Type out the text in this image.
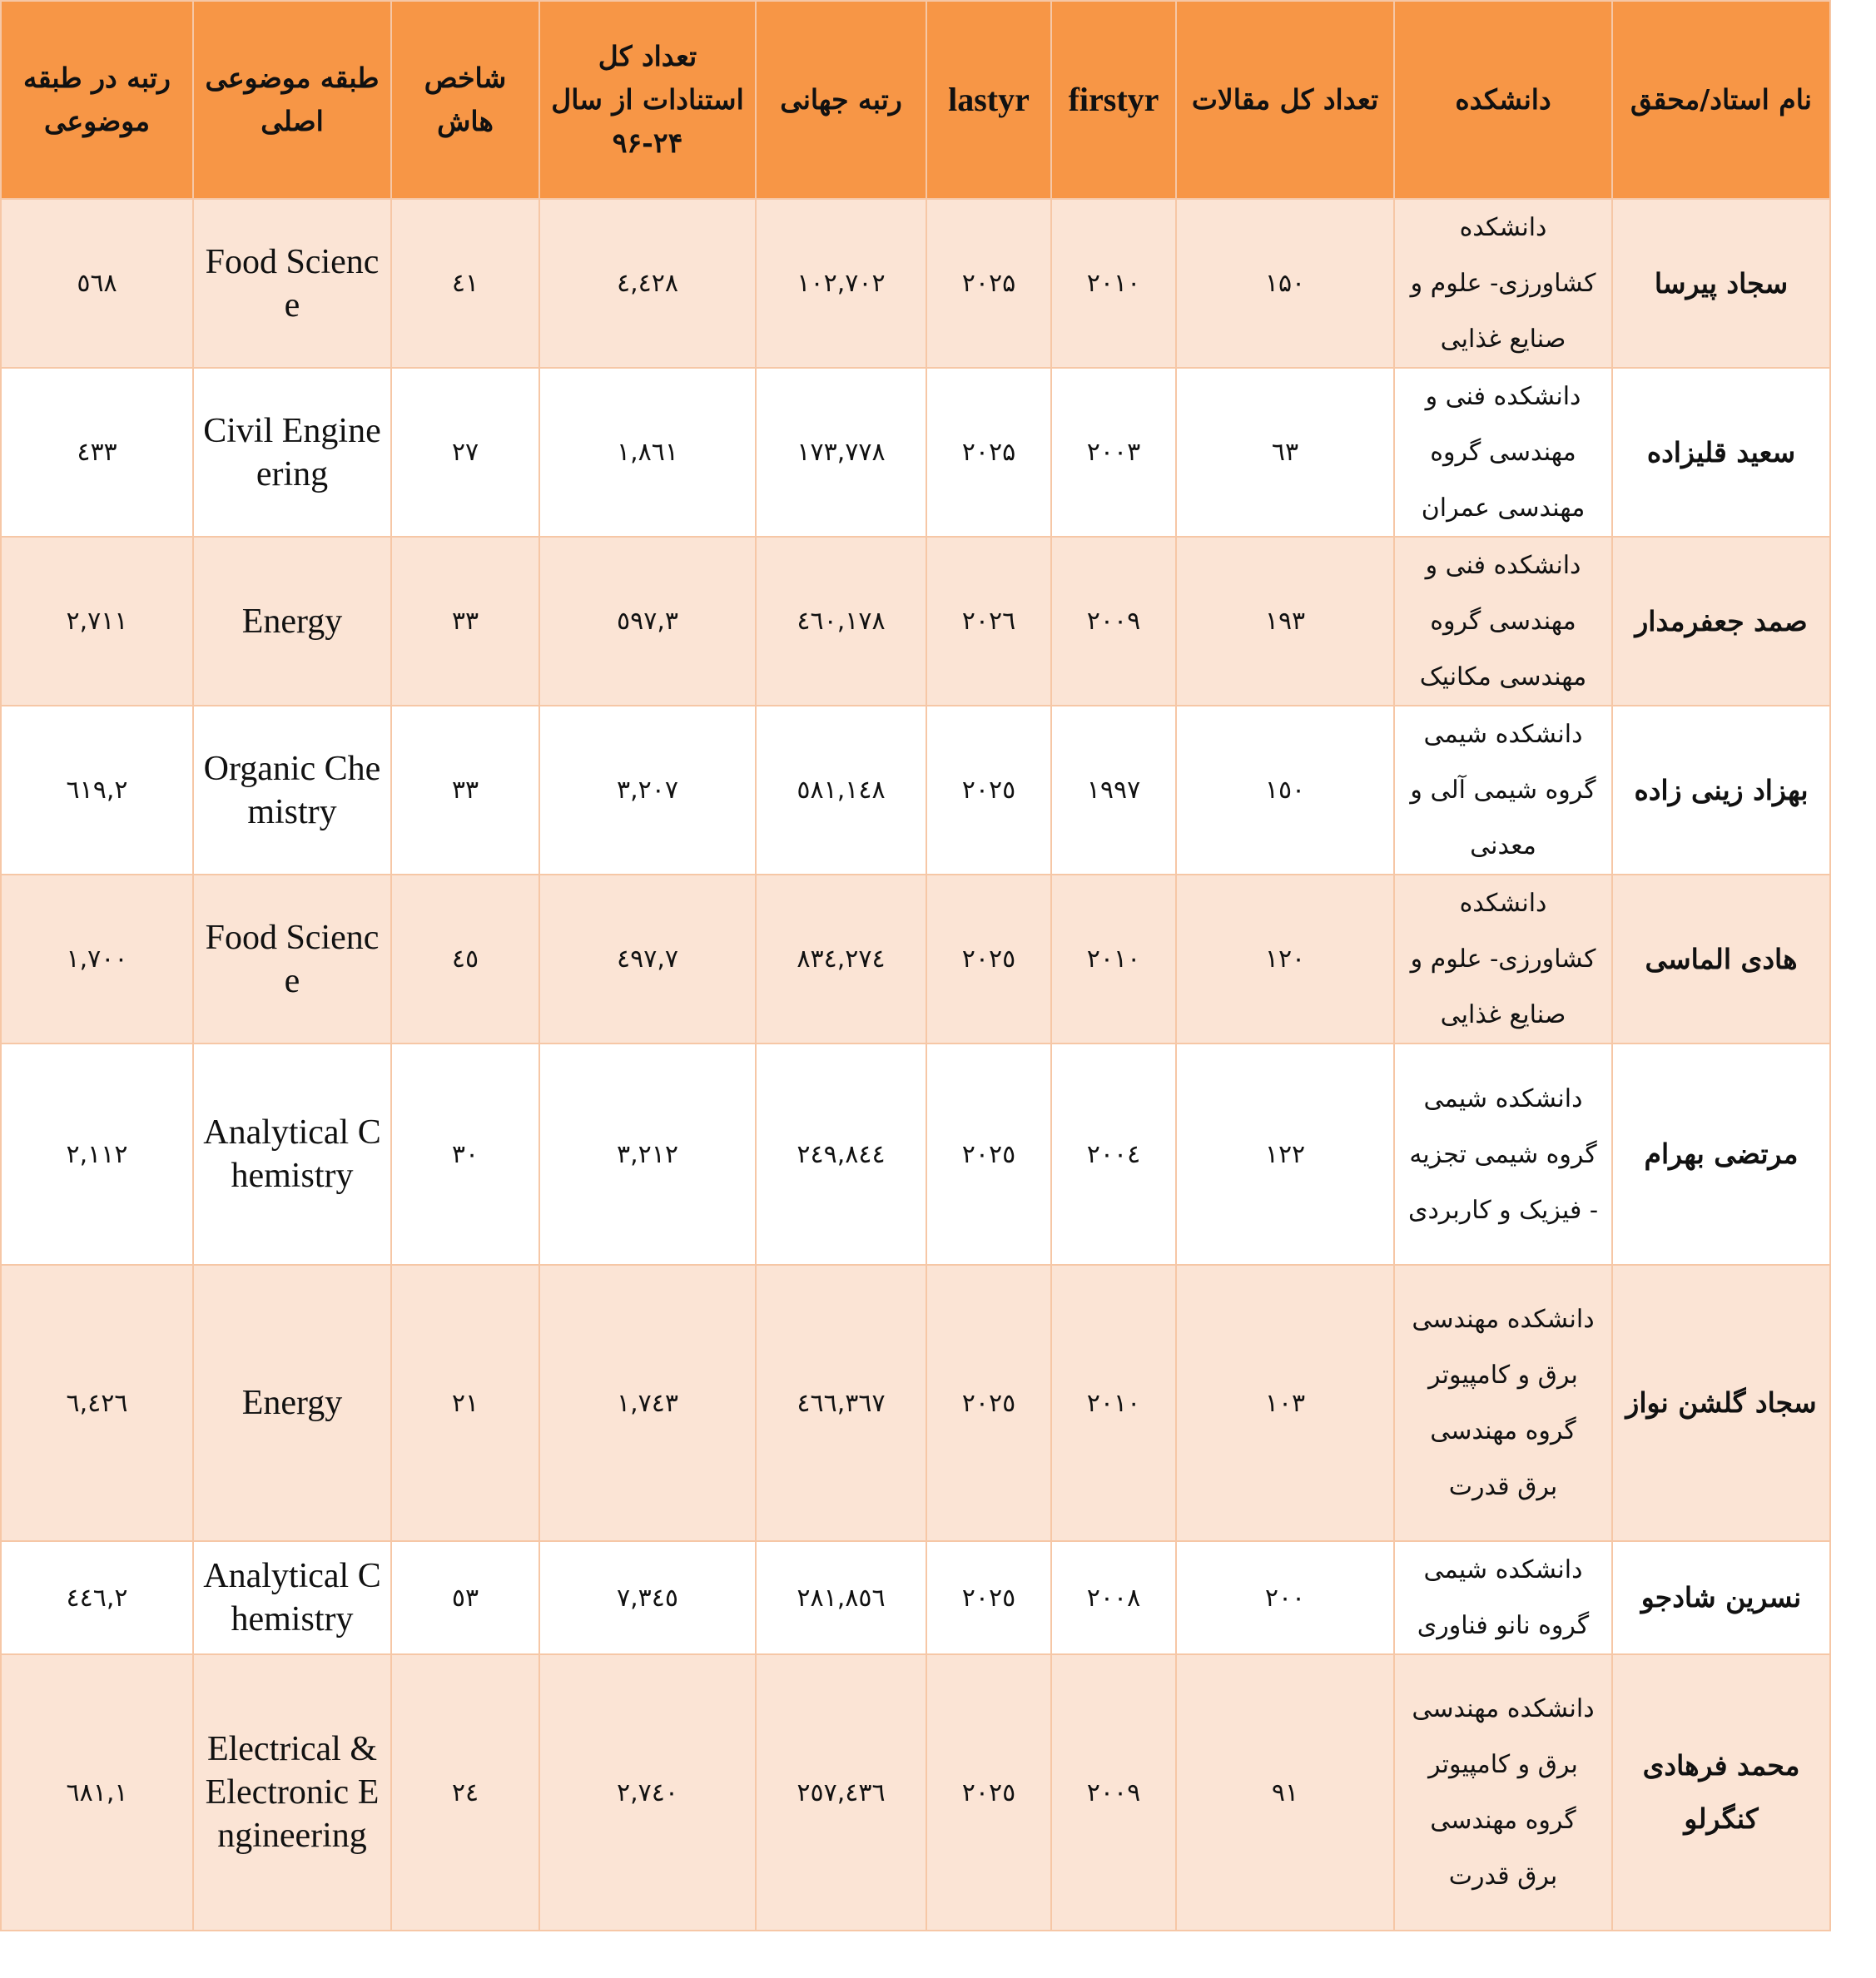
نام استاد/محقق	دانشکده	تعداد کل مقالات	firstyr	lastyr	رتبه جهانی	تعداد کل استنادات از سال ۲۴-۹۶	شاخص هاش	طبقه موضوعی اصلی	رتبه در طبقه موضوعی
سجاد پیرسا	دانشکده کشاورزی- علوم و صنایع غذایی	۱۵۰	۲۰۱۰	۲۰۲۵	۱۰۲,۷۰۲	٤,٤٢٨	٤١	Food Science	٥٦٨
سعید قلیزاده	دانشکده فنی و مهندسی گروه مهندسی عمران	٦٣	۲۰۰۳	۲۰۲۵	۱۷۳,۷۷۸	۱,۸٦۱	۲۷	Civil Engineering	٤۳۳
صمد جعفرمدار	دانشکده فنی و مهندسی گروه مهندسی مکانیک	۱۹۳	۲۰۰۹	۲۰۲٦	۱۷۸,٤٦۰	۳,٥۹۷	۳۳	Energy	۲,۷۱۱
بهزاد زینی زاده	دانشکده شیمی گروه شیمی آلی و معدنی	۱٥۰	۱۹۹۷	۲۰۲٥	۱٤۸,٥۸۱	۳,۲۰۷	۳۳	Organic Chemistry	۲,٦۱۹
هادی الماسی	دانشکده کشاورزی- علوم و صنایع غذایی	۱۲۰	۲۰۱۰	۲۰۲٥	۲۷٤,۸۳٤	۷,٤۹۷	٤٥	Food Science	۱,۷۰۰
مرتضی بهرام	دانشکده شیمی گروه شیمی تجزیه - فیزیک و کاربردی	۱۲۲	۲۰۰٤	۲۰۲٥	۲٤۹,۸٤٤	۳,۲۱۲	۳۰	Analytical Chemistry	۲,۱۱۲
سجاد گلشن نواز	دانشکده مهندسی برق و کامپیوتر گروه مهندسی برق قدرت	۱۰۳	۲۰۱۰	۲۰۲٥	۳٦۷,٤٦٦	۱,۷٤۳	۲۱	Energy	٦,٤۲٦
نسرین شادجو	دانشکده شیمی گروه نانو فناوری	۲۰۰	۲۰۰۸	۲۰۲٥	۲۸۱,۸٥٦	۷,۳٤٥	٥۳	Analytical Chemistry	۲,٤٤٦
محمد فرهادی کنگرلو	دانشکده مهندسی برق و کامپیوتر گروه مهندسی برق قدرت	۹۱	۲۰۰۹	۲۰۲٥	٤۳٦,۲٥۷	۲,۷٤۰	۲٤	Electrical & Electronic Engineering	۱,٦۸۱
